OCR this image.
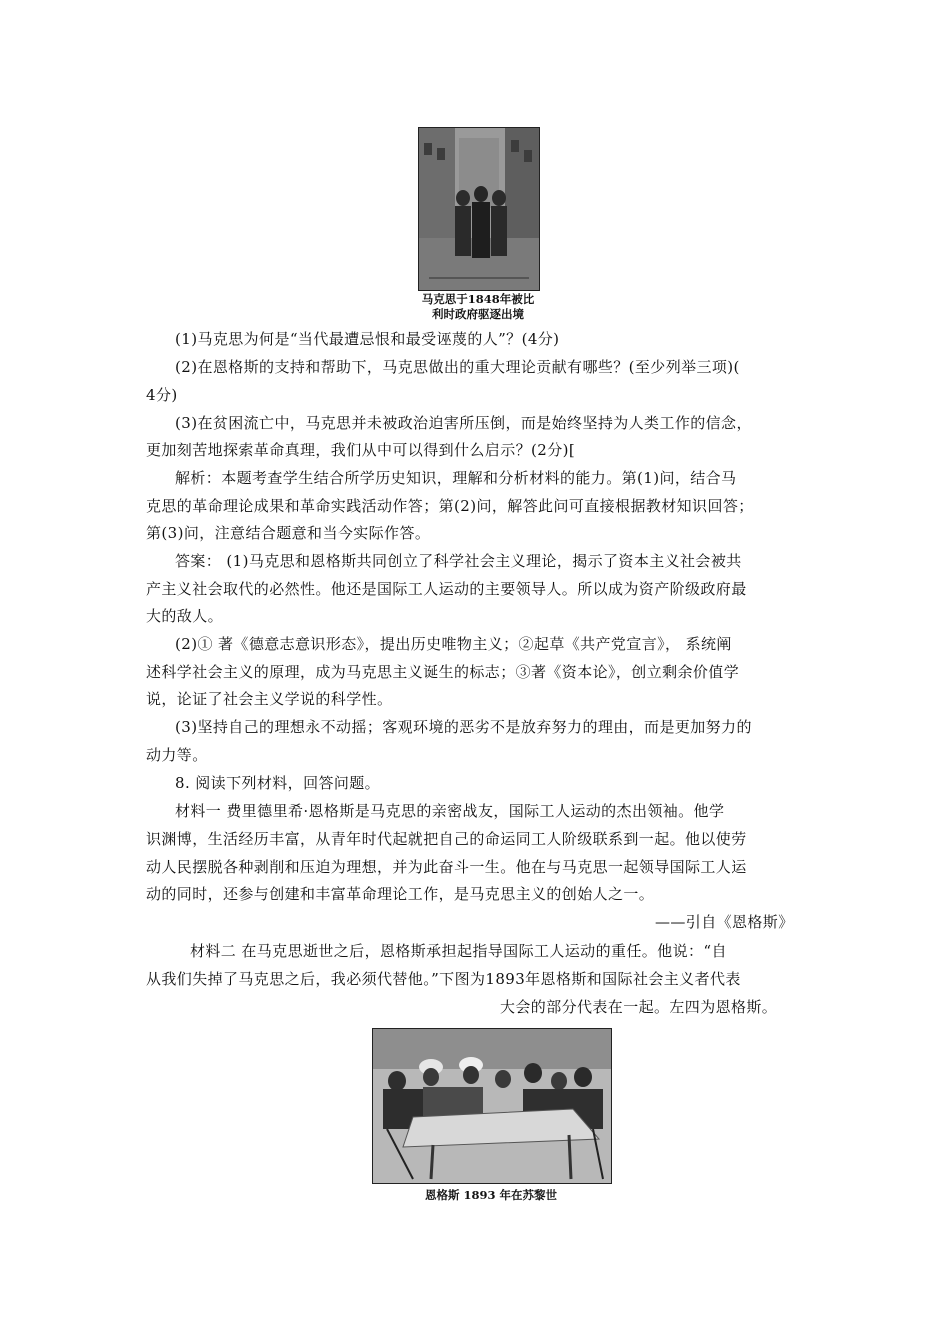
马克思于1848年被比
利时政府驱逐出境
(1)马克思为何是“当代最遭忌恨和最受诬蔑的人”？(4分)
(2)在恩格斯的支持和帮助下，马克思做出的重大理论贡献有哪些？(至少列举三项)(
4分)
(3)在贫困流亡中，马克思并未被政治迫害所压倒，而是始终坚持为人类工作的信念，
更加刻苦地探索革命真理，我们从中可以得到什么启示？(2分)[
解析：本题考查学生结合所学历史知识，理解和分析材料的能力。第(1)问，结合马
克思的革命理论成果和革命实践活动作答；第(2)问，解答此问可直接根据教材知识回答；
第(3)问，注意结合题意和当今实际作答。
答案： (1)马克思和恩格斯共同创立了科学社会主义理论，揭示了资本主义社会被共
产主义社会取代的必然性。他还是国际工人运动的主要领导人。所以成为资产阶级政府最
大的敌人。
(2)① 著《德意志意识形态》，提出历史唯物主义；②起草《共产党宣言》， 系统阐
述科学社会主义的原理，成为马克思主义诞生的标志；③著《资本论》，创立剩余价值学
说，论证了社会主义学说的科学性。
(3)坚持自己的理想永不动摇；客观环境的恶劣不是放弃努力的理由，而是更加努力的
动力等。
8. 阅读下列材料，回答问题。
材料一 费里德里希·恩格斯是马克思的亲密战友，国际工人运动的杰出领袖。他学
识渊博，生活经历丰富，从青年时代起就把自己的命运同工人阶级联系到一起。他以使劳
动人民摆脱各种剥削和压迫为理想，并为此奋斗一生。他在与马克思一起领导国际工人运
动的同时，还参与创建和丰富革命理论工作，是马克思主义的创始人之一。
——引自《恩格斯》
材料二 在马克思逝世之后，恩格斯承担起指导国际工人运动的重任。他说：“自
从我们失掉了马克思之后，我必须代替他。”下图为1893年恩格斯和国际社会主义者代表
大会的部分代表在一起。左四为恩格斯。
恩格斯 1893 年在苏黎世
